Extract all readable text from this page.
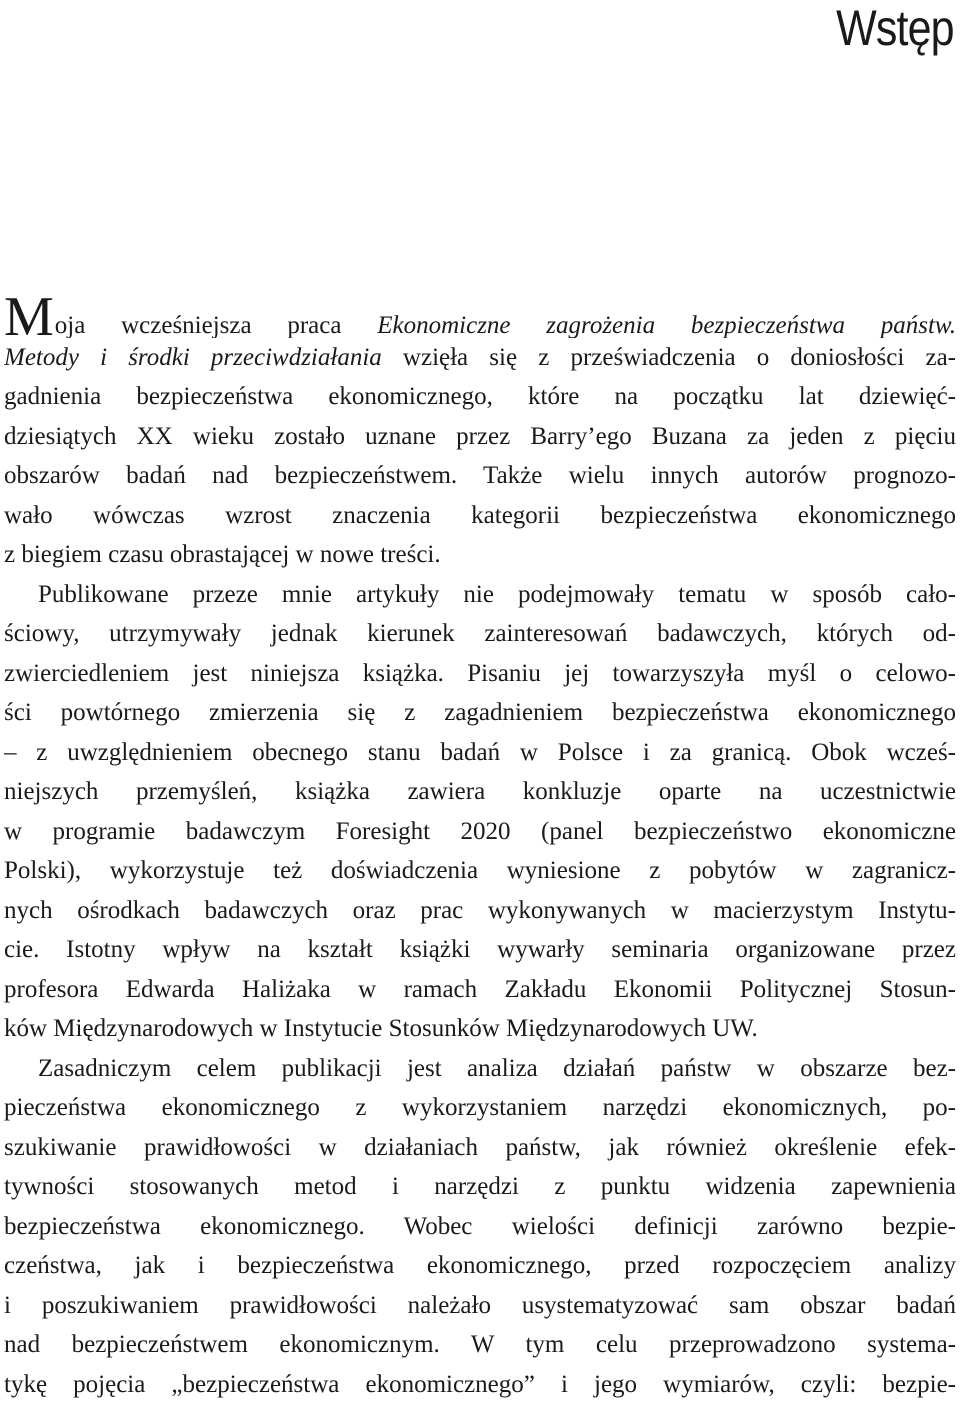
Wstęp
Moja wcześniejsza praca Ekonomiczne zagrożenia bezpieczeństwa państw.
Metody i środki przeciwdziałania wzięła się z przeświadczenia o doniosłości za-
gadnienia bezpieczeństwa ekonomicznego, które na początku lat dziewięć-
dziesiątych XX wieku zostało uznane przez Barry’ego Buzana za jeden z pięciu
obszarów badań nad bezpieczeństwem. Także wielu innych autorów prognozo-
wało wówczas wzrost znaczenia kategorii bezpieczeństwa ekonomicznego
z biegiem czasu obrastającej w nowe treści.
Publikowane przeze mnie artykuły nie podejmowały tematu w sposób cało-
ściowy, utrzymywały jednak kierunek zainteresowań badawczych, których od-
zwierciedleniem jest niniejsza książka. Pisaniu jej towarzyszyła myśl o celowo-
ści powtórnego zmierzenia się z zagadnieniem bezpieczeństwa ekonomicznego
– z uwzględnieniem obecnego stanu badań w Polsce i za granicą. Obok wcześ-
niejszych przemyśleń, książka zawiera konkluzje oparte na uczestnictwie
w programie badawczym Foresight 2020 (panel bezpieczeństwo ekonomiczne
Polski), wykorzystuje też doświadczenia wyniesione z pobytów w zagranicz-
nych ośrodkach badawczych oraz prac wykonywanych w macierzystym Instytu-
cie. Istotny wpływ na kształt książki wywarły seminaria organizowane przez
profesora Edwarda Haliżaka w ramach Zakładu Ekonomii Politycznej Stosun-
ków Międzynarodowych w Instytucie Stosunków Międzynarodowych UW.
Zasadniczym celem publikacji jest analiza działań państw w obszarze bez-
pieczeństwa ekonomicznego z wykorzystaniem narzędzi ekonomicznych, po-
szukiwanie prawidłowości w działaniach państw, jak również określenie efek-
tywności stosowanych metod i narzędzi z punktu widzenia zapewnienia
bezpieczeństwa ekonomicznego. Wobec wielości definicji zarówno bezpie-
czeństwa, jak i bezpieczeństwa ekonomicznego, przed rozpoczęciem analizy
i poszukiwaniem prawidłowości należało usystematyzować sam obszar badań
nad bezpieczeństwem ekonomicznym. W tym celu przeprowadzono systema-
tykę pojęcia „bezpieczeństwa ekonomicznego” i jego wymiarów, czyli: bezpie-
